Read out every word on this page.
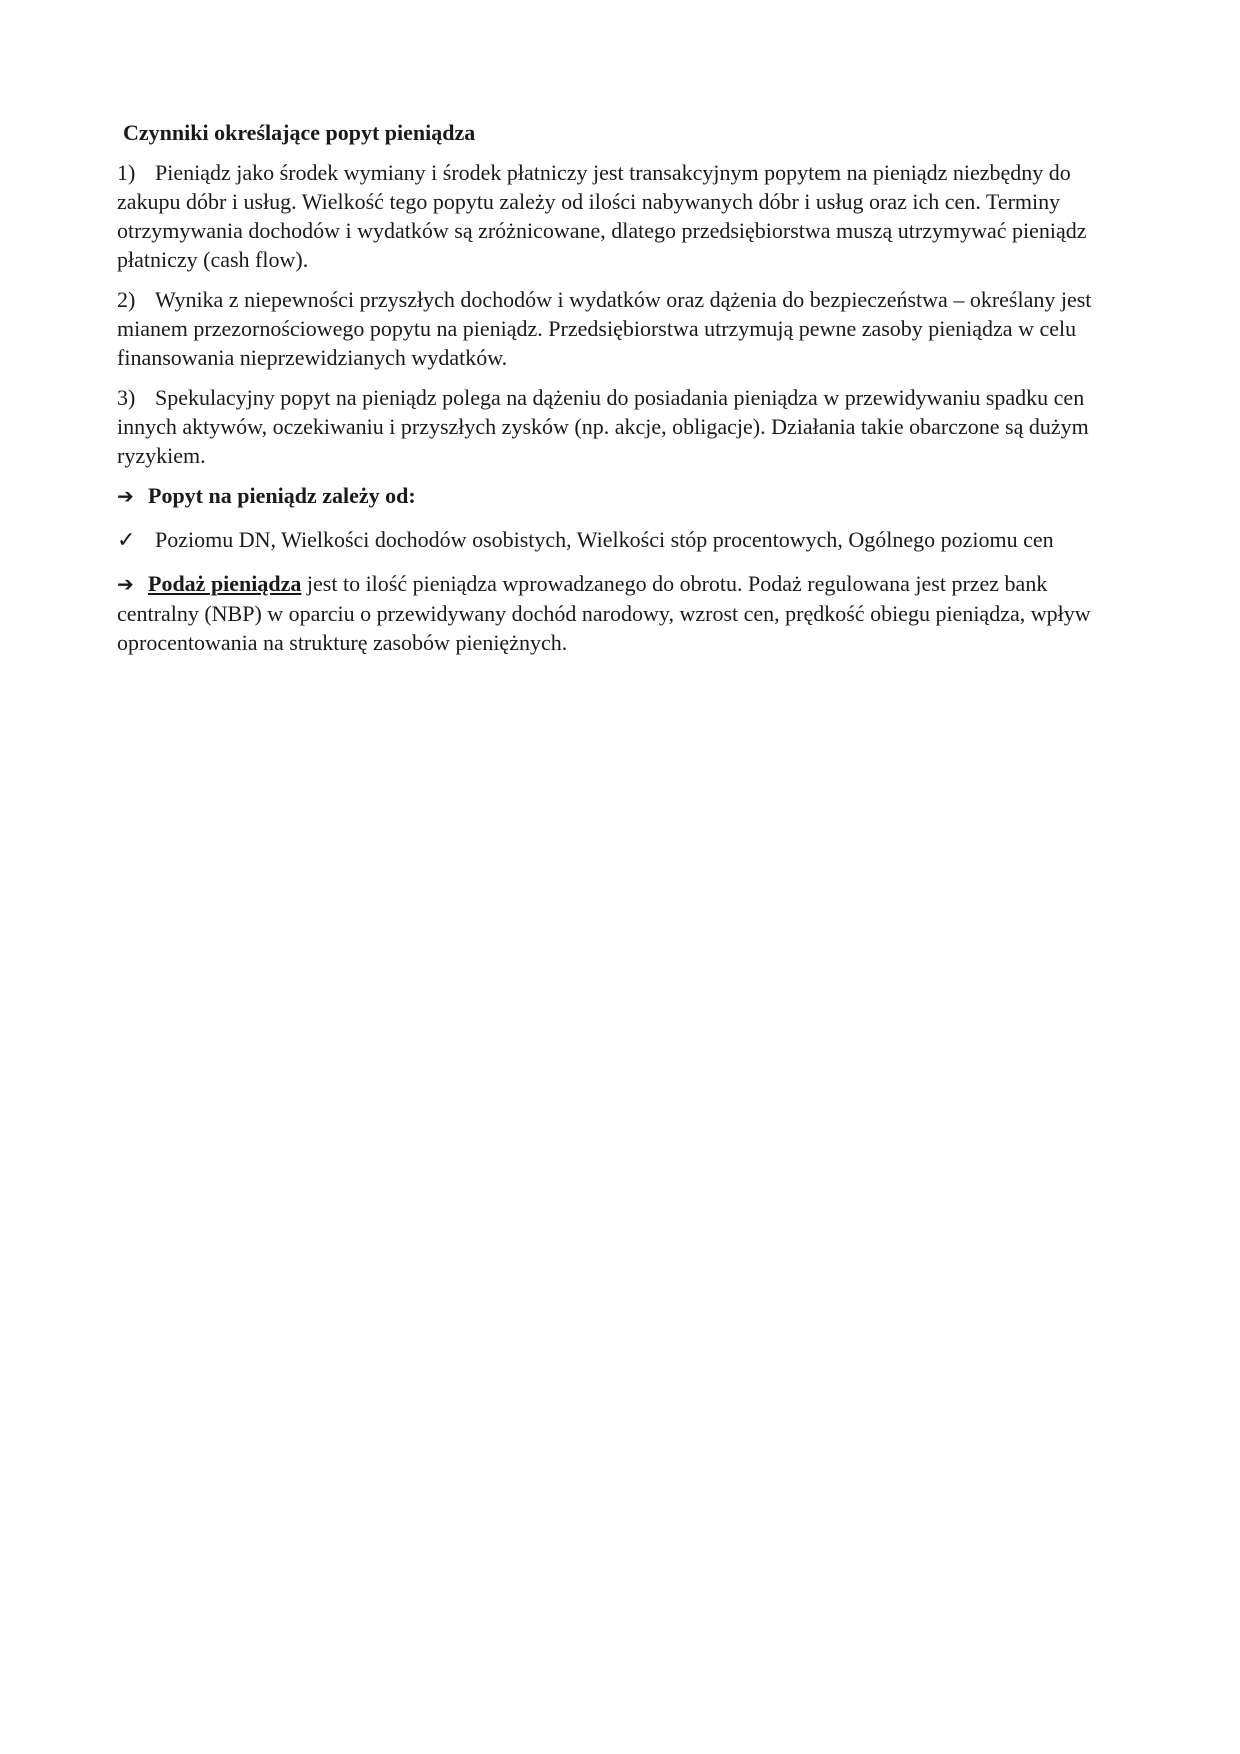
Czynniki określające popyt pieniądza

1) Pieniądz jako środek wymiany i środek płatniczy jest transakcyjnym popytem na pieniądz niezbędny do zakupu dóbr i usług. Wielkość tego popytu zależy od ilości nabywanych dóbr i usług oraz ich cen. Terminy otrzymywania dochodów i wydatków są zróżnicowane, dlatego przedsiębiorstwa muszą utrzymywać pieniądz płatniczy (cash flow).

2) Wynika z niepewności przyszłych dochodów i wydatków oraz dążenia do bezpieczeństwa – określany jest mianem przezornościowego popytu na pieniądz. Przedsiębiorstwa utrzymują pewne zasoby pieniądza w celu finansowania nieprzewidzianych wydatków.

3) Spekulacyjny popyt na pieniądz polega na dążeniu do posiadania pieniądza w przewidywaniu spadku cen innych aktywów, oczekiwaniu i przyszłych zysków (np. akcje, obligacje). Działania takie obarczone są dużym ryzykiem.

➔ Popyt na pieniądz zależy od:

✓ Poziomu DN, Wielkości dochodów osobistych, Wielkości stóp procentowych, Ogólnego poziomu cen

➔ Podaż pieniądza jest to ilość pieniądza wprowadzanego do obrotu. Podaż regulowana jest przez bank centralny (NBP) w oparciu o przewidywany dochód narodowy, wzrost cen, prędkość obiegu pieniądza, wpływ oprocentowania na strukturę zasobów pieniężnych.
